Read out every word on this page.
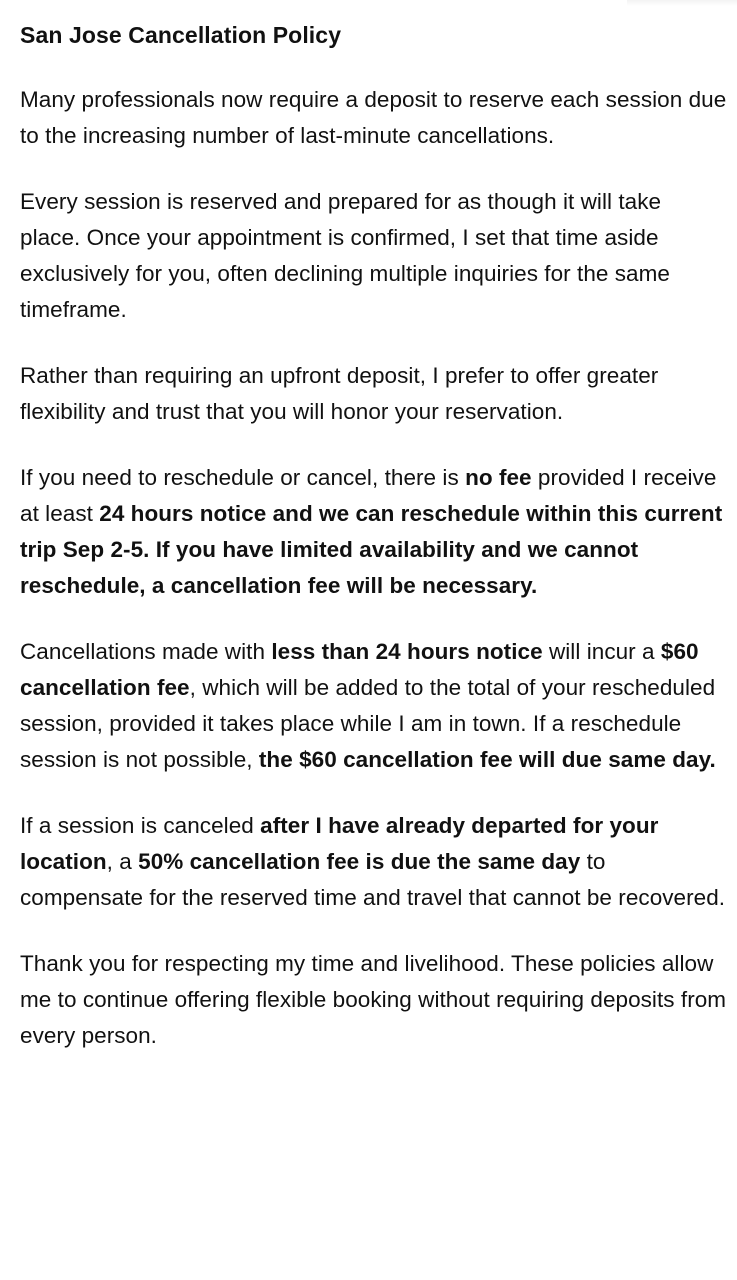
San Jose Cancellation Policy

Many professionals now require a deposit to reserve each session due to the increasing number of last-minute cancellations.

Every session is reserved and prepared for as though it will take place. Once your appointment is confirmed, I set that time aside exclusively for you, often declining multiple inquiries for the same timeframe.

Rather than requiring an upfront deposit, I prefer to offer greater flexibility and trust that you will honor your reservation.

If you need to reschedule or cancel, there is no fee provided I receive at least 24 hours notice and we can reschedule within this current trip Sep 2-5. If you have limited availability and we cannot reschedule, a cancellation fee will be necessary.

Cancellations made with less than 24 hours notice will incur a $60 cancellation fee, which will be added to the total of your rescheduled session, provided it takes place while I am in town. If a reschedule session is not possible, the $60 cancellation fee will due same day.

If a session is canceled after I have already departed for your location, a 50% cancellation fee is due the same day to compensate for the reserved time and travel that cannot be recovered.

Thank you for respecting my time and livelihood. These policies allow me to continue offering flexible booking without requiring deposits from every person.
